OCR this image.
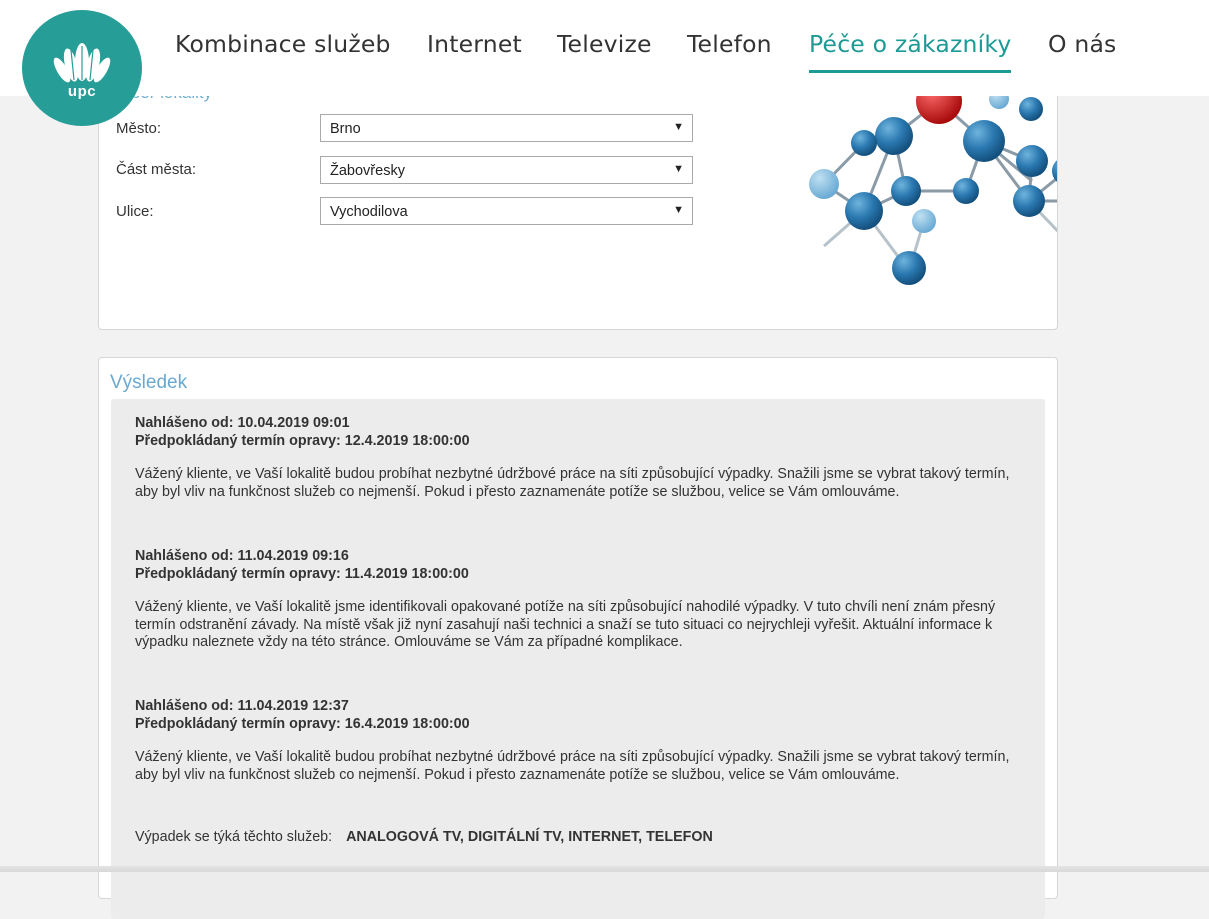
Město:	Brno	▼
Část města:	Žabovřesky	▼
Ulice:	Vychodilova	▼
Kombinace služeb Internet Televize Telefon Péče o zákazníky O nás
upc
Výsledek
Nahlášeno od: 10.04.2019 09:01
Předpokládaný termín opravy: 12.4.2019 18:00:00
Vážený kliente, ve Vaší lokalitě budou probíhat nezbytné údržbové práce na síti způsobující výpadky. Snažili jsme se vybrat takový termín, aby byl vliv na funkčnost služeb co nejmenší. Pokud i přesto zaznamenáte potíže se službou, velice se Vám omlouváme.
Nahlášeno od: 11.04.2019 09:16
Předpokládaný termín opravy: 11.4.2019 18:00:00
Vážený kliente, ve Vaší lokalitě jsme identifikovali opakované potíže na síti způsobující nahodilé výpadky. V tuto chvíli není znám přesný termín odstranění závady. Na místě však již nyní zasahují naši technici a snaží se tuto situaci co nejrychleji vyřešit. Aktuální informace k výpadku naleznete vždy na této stránce. Omlouváme se Vám za případné komplikace.
Nahlášeno od: 11.04.2019 12:37
Předpokládaný termín opravy: 16.4.2019 18:00:00
Vážený kliente, ve Vaší lokalitě budou probíhat nezbytné údržbové práce na síti způsobující výpadky. Snažili jsme se vybrat takový termín, aby byl vliv na funkčnost služeb co nejmenší. Pokud i přesto zaznamenáte potíže se službou, velice se Vám omlouváme.
Výpadek se týká těchto služeb: ANALOGOVÁ TV, DIGITÁLNÍ TV, INTERNET, TELEFON
